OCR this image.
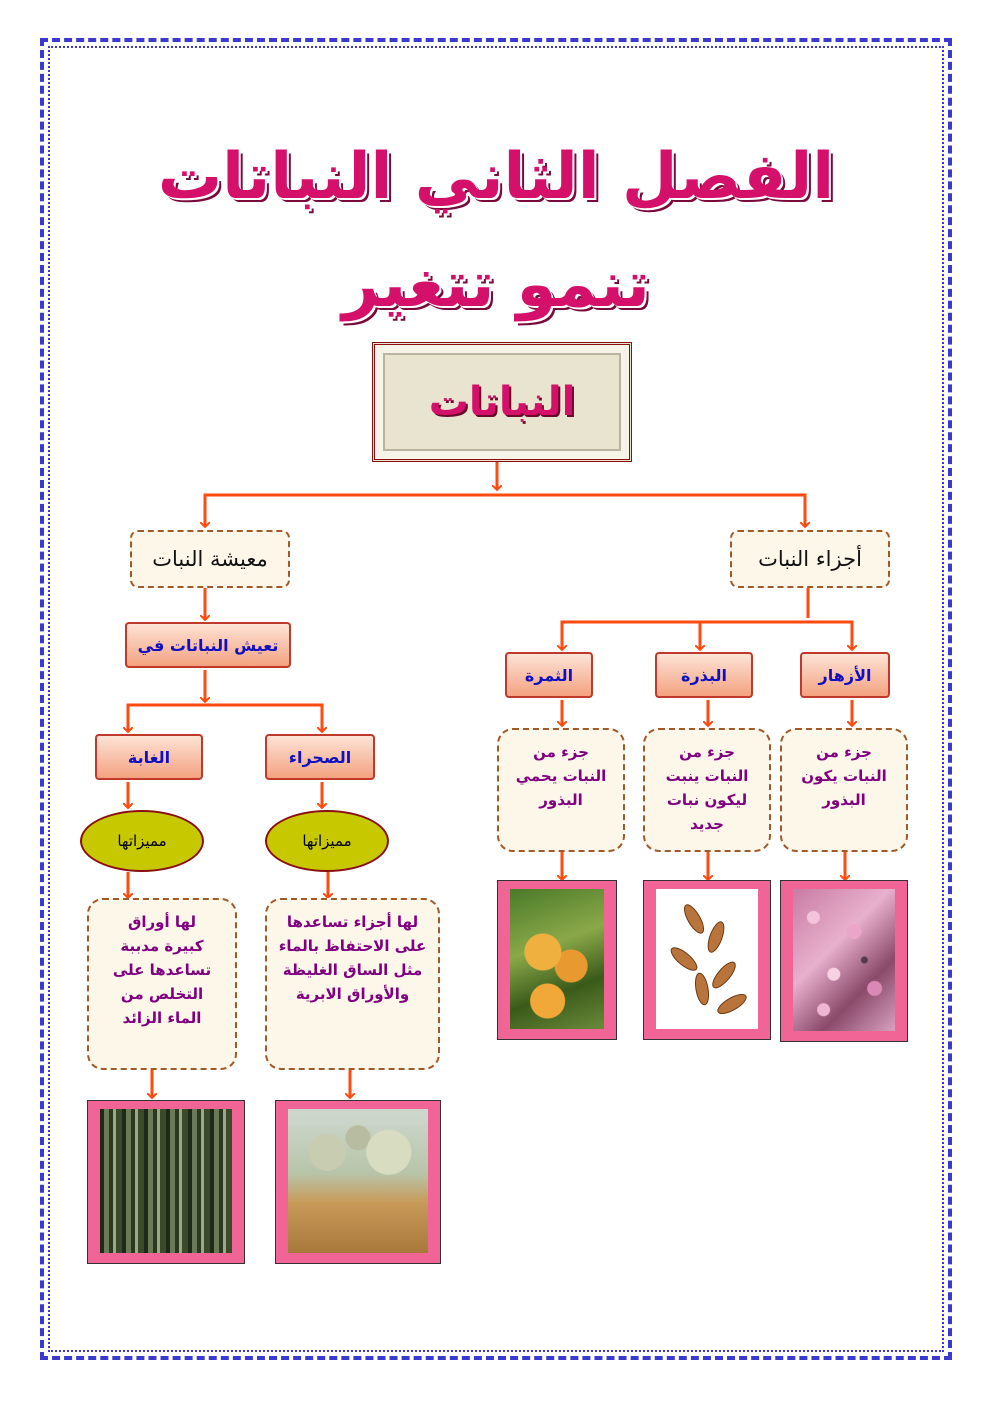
الفصل الثاني النباتات
تنمو تتغير
النباتات
أجزاء النبات
معيشة النبات
الأزهار
البذرة
الثمرة
جزء من النبات يكون البذور
جزء من النبات ينبت ليكون نبات جديد
جزء من النبات يحمي البذور
تعيش النباتات في
الصحراء
الغابة
مميزاتها
مميزاتها
لها أجزاء تساعدها على الاحتفاظ بالماء مثل الساق الغليظة والأوراق الابرية
لها أوراق كبيرة مدببة تساعدها على التخلص من الماء الزائد
